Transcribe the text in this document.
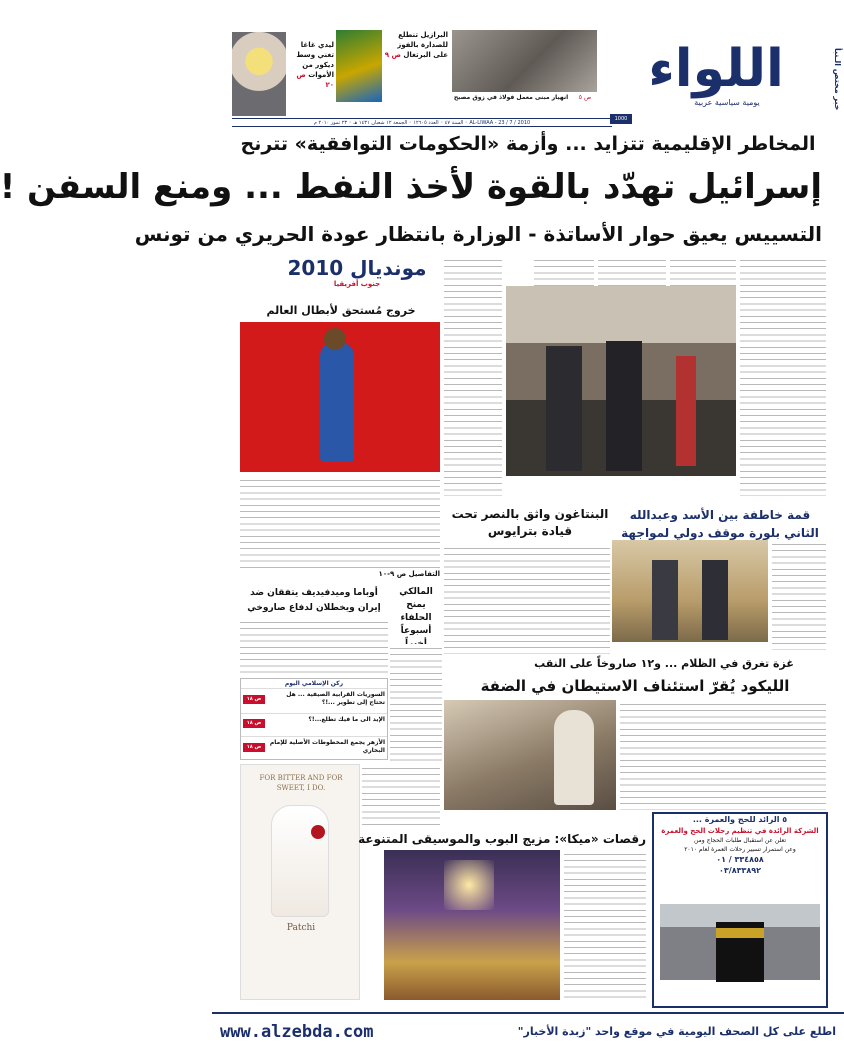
خبر مختص الـنبأ
اللواء
يومية سياسية عربية
1000 ل.ل
انهيار مبنى معمل فولاذ في زوق مصبح	ص ٥
البرازيل تنطلع للصدارة بالفوز على البرتغال ص ٩
ليدي غاغا تغني وسط ديكور من الأموات ص ٢٠
AL-LIWAA - 23 / 7 / 2010 ◦ السنة ٤٧ ◦ العدد ١٢٦٠٥ ◦ الجمعة ١٢ شعبان ١٤٣١ هـ ◦ ٢٣ تموز ٢٠١٠ م
المخاطر الإقليمية تتزايد ... وأزمة «الحكومات التوافقية» تترنح
إسرائيل تهدّد بالقوة لأخذ النفط ... ومنع السفن !
التسييس يعيق حوار الأساتذة - الوزارة بانتظار عودة الحريري من تونس
مونديال 2010
جنوب أفريقيا
خروج مُستحق لأبطال العالم
التفاصيل ص ٩-١٠
البنتاغون واثق بالنصر تحت قيادة بترايوس
قمة خاطفة بين الأسد وعبدالله الثاني بلورة موقف دولي لمواجهة
أوباما وميدفيديف يتفقان ضد إيران ويخطلان لدفاع صاروخي
المالكي يمنح الحلفاء أسبوعاً
غزة تغرق في الظلام ... و١٢ صاروخاً على النقب
الليكود يُقرّ استئناف الاستيطان في الضفة
ركن الإسلامي اليوم
السوريات القرابية الصيفية ... هل تحتاج إلى تطوير ...!؟
ص ١٨
الإيد الى ما فيك تطلع...!؟
ص ١٨
الأزهر يجمع المخطوطات الأصلية للإمام البخاري
ص ١٨
FOR BITTER AND FOR SWEET, I DO.
Patchi
رقصات «ميكا»: مزيج البوب والموسيقى المتنوعة
٥ الرائد للحج والعمرة ...
الشركة الرائدة في تنظيم رحلات الحج والعمرة
تعلن عن استقبال طلبات الحجاج ومن
وعن استمرار تسيير رحلات العمرة لعام ٢٠١٠
٣٣٤٨٥٨ / ٠١
٠٣/٨٣٣٨٩٢
www.alzebda.com	اطلع على كل الصحف اليومية في موقع واحد "زبدة الأخبار"
